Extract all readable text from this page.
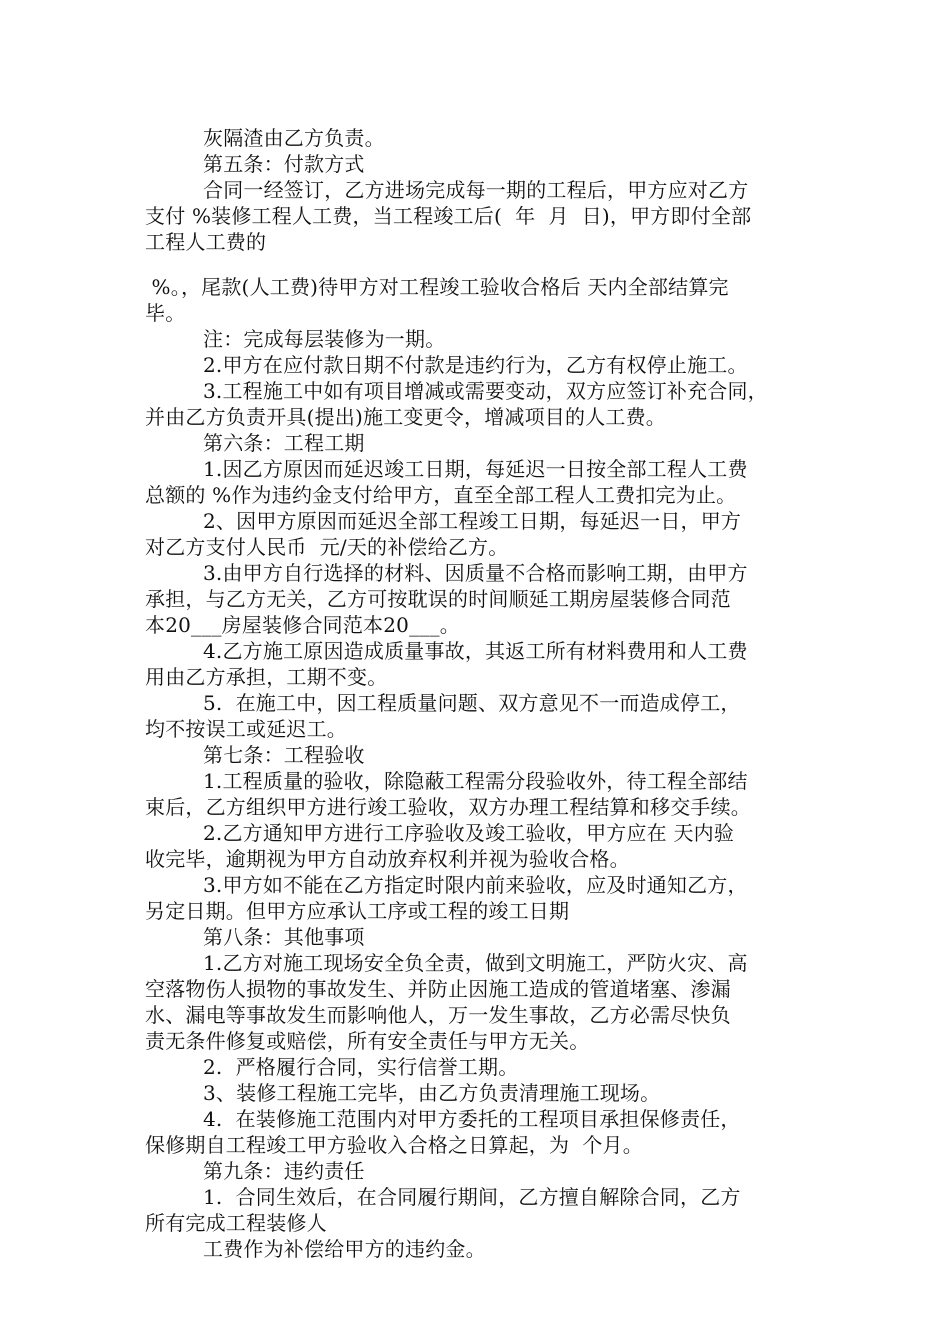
灰隔渣由乙方负责。
第五条：付款方式
合同一经签订，乙方进场完成每一期的工程后，甲方应对乙方
支付 %装修工程人工费，当工程竣工后(  年  月  日)，甲方即付全部
工程人工费的
%。，尾款(人工费)待甲方对工程竣工验收合格后 天内全部结算完
毕。
注：完成每层装修为一期。
2.甲方在应付款日期不付款是违约行为，乙方有权停止施工。
3.工程施工中如有项目增减或需要变动，双方应签订补充合同，
并由乙方负责开具(提出)施工变更令，增减项目的人工费。
第六条：工程工期
1.因乙方原因而延迟竣工日期，每延迟一日按全部工程人工费
总额的 %作为违约金支付给甲方，直至全部工程人工费扣完为止。
2、因甲方原因而延迟全部工程竣工日期，每延迟一日，甲方
对乙方支付人民币  元/天的补偿给乙方。
3.由甲方自行选择的材料、因质量不合格而影响工期，由甲方
承担，与乙方无关，乙方可按耽误的时间顺延工期房屋装修合同范
本20___房屋装修合同范本20___。
4.乙方施工原因造成质量事故，其返工所有材料费用和人工费
用由乙方承担，工期不变。
5.  在施工中，因工程质量问题、双方意见不一而造成停工，
均不按误工或延迟工。
第七条：工程验收
1.工程质量的验收，除隐蔽工程需分段验收外，待工程全部结
束后，乙方组织甲方进行竣工验收，双方办理工程结算和移交手续。
2.乙方通知甲方进行工序验收及竣工验收，甲方应在 天内验
收完毕，逾期视为甲方自动放弃权利并视为验收合格。
3.甲方如不能在乙方指定时限内前来验收，应及时通知乙方，
另定日期。但甲方应承认工序或工程的竣工日期
第八条：其他事项
1.乙方对施工现场安全负全责，做到文明施工，严防火灾、高
空落物伤人损物的事故发生、并防止因施工造成的管道堵塞、渗漏
水、漏电等事故发生而影响他人，万一发生事故，乙方必需尽快负
责无条件修复或赔偿，所有安全责任与甲方无关。
2.  严格履行合同，实行信誉工期。
3、装修工程施工完毕，由乙方负责清理施工现场。
4.  在装修施工范围内对甲方委托的工程项目承担保修责任，
保修期自工程竣工甲方验收入合格之日算起，为  个月。
第九条：违约责任
1.  合同生效后，在合同履行期间，乙方擅自解除合同，乙方
所有完成工程装修人
工费作为补偿给甲方的违约金。
